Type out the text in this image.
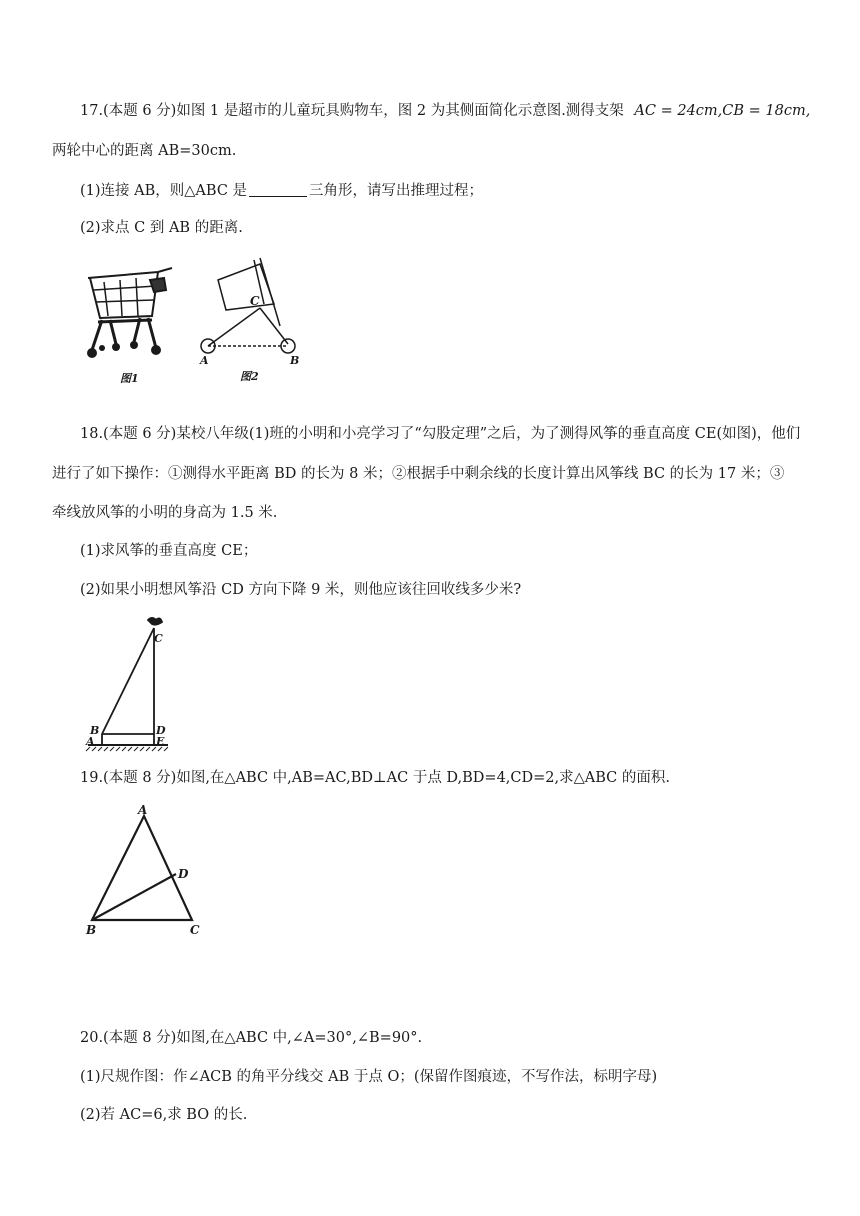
17.(本题 6 分)如图 1 是超市的儿童玩具购物车，图 2 为其侧面简化示意图.测得支架 AC = 24cm,CB = 18cm,
两轮中心的距离 AB=30cm.
(1)连接 AB，则△ABC 是	三角形，请写出推理过程；
(2)求点 C 到 AB 的距离.
图1
C
A	B
图2
18.(本题 6 分)某校八年级(1)班的小明和小亮学习了“勾股定理”之后，为了测得风筝的垂直高度 CE(如图)，他们
进行了如下操作：①测得水平距离 BD 的长为 8 米；②根据手中剩余线的长度计算出风筝线 BC 的长为 17 米；③
牵线放风筝的小明的身高为 1.5 米.
(1)求风筝的垂直高度 CE；
(2)如果小明想风筝沿 CD 方向下降 9 米，则他应该往回收线多少米?
C
B	D
A	E
19.(本题 8 分)如图,在△ABC 中,AB=AC,BD⊥AC 于点 D,BD=4,CD=2,求△ABC 的面积.
A
D
B	C
20.(本题 8 分)如图,在△ABC 中,∠A=30°,∠B=90°.
(1)尺规作图：作∠ACB 的角平分线交 AB 于点 O；(保留作图痕迹，不写作法，标明字母)
(2)若 AC=6,求 BO 的长.
